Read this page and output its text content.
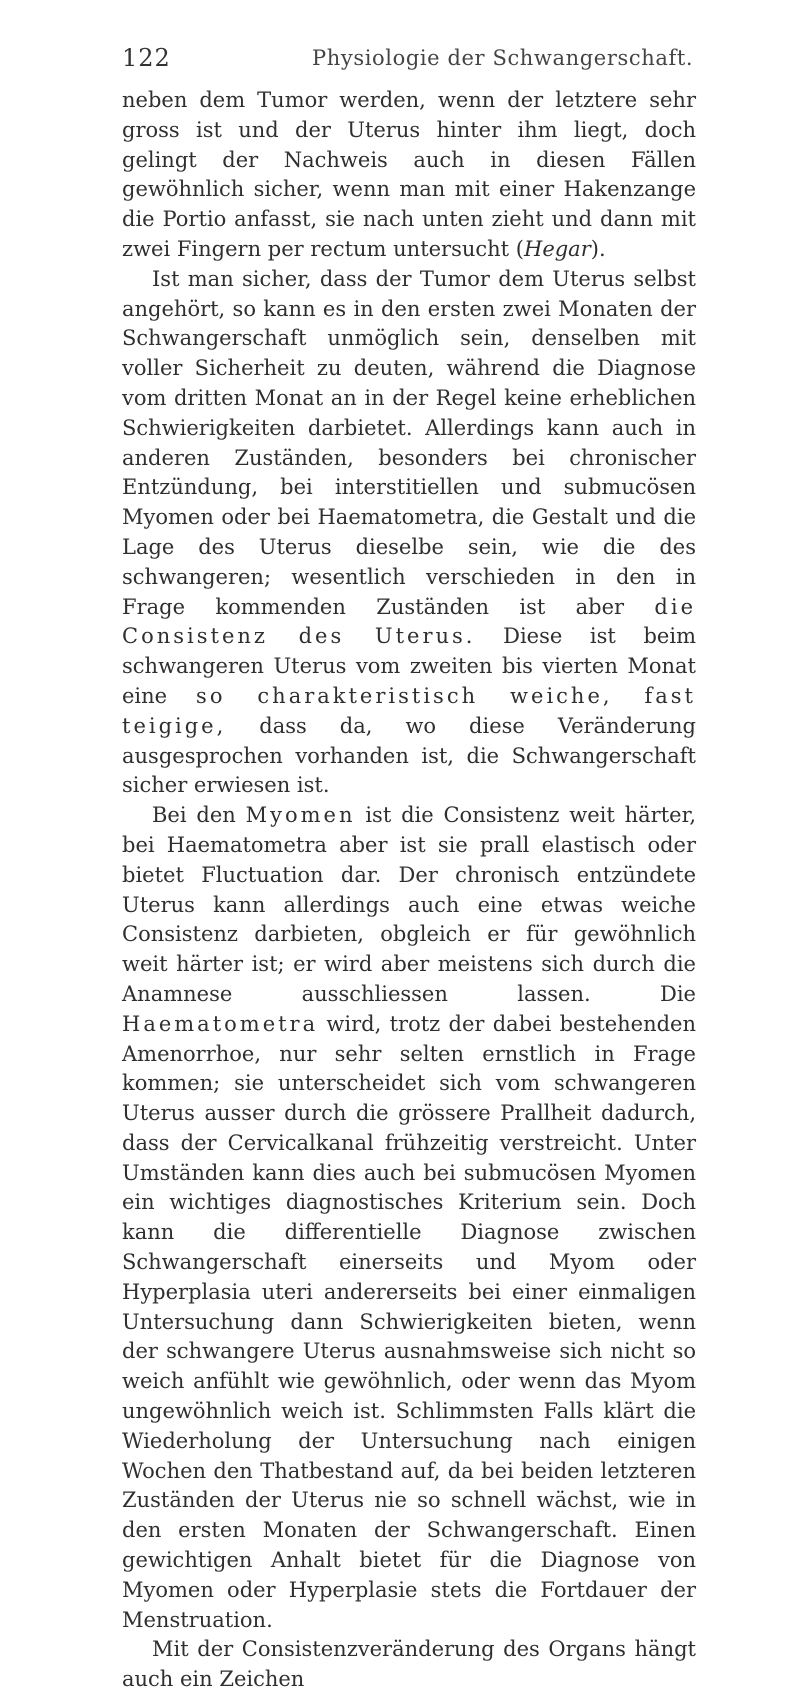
122	Physiologie der Schwangerschaft.

neben dem Tumor werden, wenn der letztere sehr gross ist und der Uterus hinter ihm liegt, doch gelingt der Nachweis auch in diesen Fällen gewöhnlich sicher, wenn man mit einer Hakenzange die Portio anfasst, sie nach unten zieht und dann mit zwei Fingern per rectum untersucht (Hegar).

Ist man sicher, dass der Tumor dem Uterus selbst angehört, so kann es in den ersten zwei Monaten der Schwangerschaft unmöglich sein, denselben mit voller Sicherheit zu deuten, während die Diagnose vom dritten Monat an in der Regel keine erheblichen Schwierigkeiten darbietet. Allerdings kann auch in anderen Zuständen, besonders bei chronischer Entzündung, bei interstitiellen und submucösen Myomen oder bei Haematometra, die Gestalt und die Lage des Uterus dieselbe sein, wie die des schwangeren; wesentlich verschieden in den in Frage kommenden Zuständen ist aber die Consistenz des Uterus. Diese ist beim schwangeren Uterus vom zweiten bis vierten Monat eine so charakteristisch weiche, fast teigige, dass da, wo diese Veränderung ausgesprochen vorhanden ist, die Schwangerschaft sicher erwiesen ist.

Bei den Myomen ist die Consistenz weit härter, bei Haematometra aber ist sie prall elastisch oder bietet Fluctuation dar. Der chronisch entzündete Uterus kann allerdings auch eine etwas weiche Consistenz darbieten, obgleich er für gewöhnlich weit härter ist; er wird aber meistens sich durch die Anamnese ausschliessen lassen. Die Haematometra wird, trotz der dabei bestehenden Amenorrhoe, nur sehr selten ernstlich in Frage kommen; sie unterscheidet sich vom schwangeren Uterus ausser durch die grössere Prallheit dadurch, dass der Cervicalkanal frühzeitig verstreicht. Unter Umständen kann dies auch bei submucösen Myomen ein wichtiges diagnostisches Kriterium sein. Doch kann die differentielle Diagnose zwischen Schwangerschaft einerseits und Myom oder Hyperplasia uteri andererseits bei einer einmaligen Untersuchung dann Schwierigkeiten bieten, wenn der schwangere Uterus ausnahmsweise sich nicht so weich anfühlt wie gewöhnlich, oder wenn das Myom ungewöhnlich weich ist. Schlimmsten Falls klärt die Wiederholung der Untersuchung nach einigen Wochen den Thatbestand auf, da bei beiden letzteren Zuständen der Uterus nie so schnell wächst, wie in den ersten Monaten der Schwangerschaft. Einen gewichtigen Anhalt bietet für die Diagnose von Myomen oder Hyperplasie stets die Fortdauer der Menstruation.

Mit der Consistenzveränderung des Organs hängt auch ein Zeichen
